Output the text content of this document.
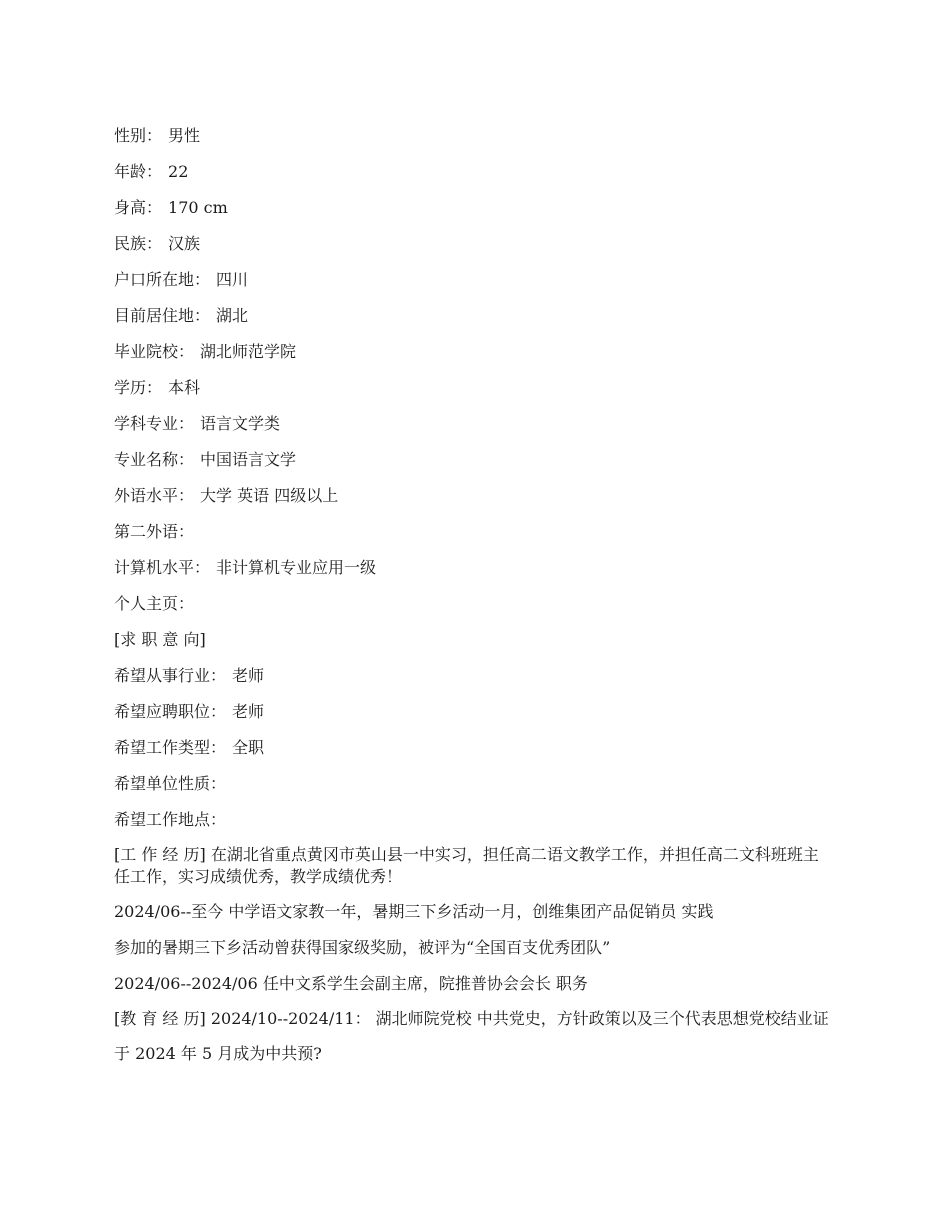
性别： 男性
年龄： 22
身高： 170 cm
民族： 汉族
户口所在地： 四川
目前居住地： 湖北
毕业院校： 湖北师范学院
学历： 本科
学科专业： 语言文学类
专业名称： 中国语言文学
外语水平： 大学 英语 四级以上
第二外语：
计算机水平： 非计算机专业应用一级
个人主页：
[求 职 意 向]
希望从事行业： 老师
希望应聘职位： 老师
希望工作类型： 全职
希望单位性质：
希望工作地点：
[工 作 经 历] 在湖北省重点黄冈市英山县一中实习，担任高二语文教学工作，并担任高二文科班班主任工作，实习成绩优秀，教学成绩优秀！
2024/06--至今 中学语文家教一年，暑期三下乡活动一月，创维集团产品促销员 实践
参加的暑期三下乡活动曾获得国家级奖励，被评为“全国百支优秀团队”
2024/06--2024/06 任中文系学生会副主席，院推普协会会长 职务
[教 育 经 历] 2024/10--2024/11： 湖北师院党校 中共党史，方针政策以及三个代表思想党校结业证
于 2024 年 5 月成为中共预?
